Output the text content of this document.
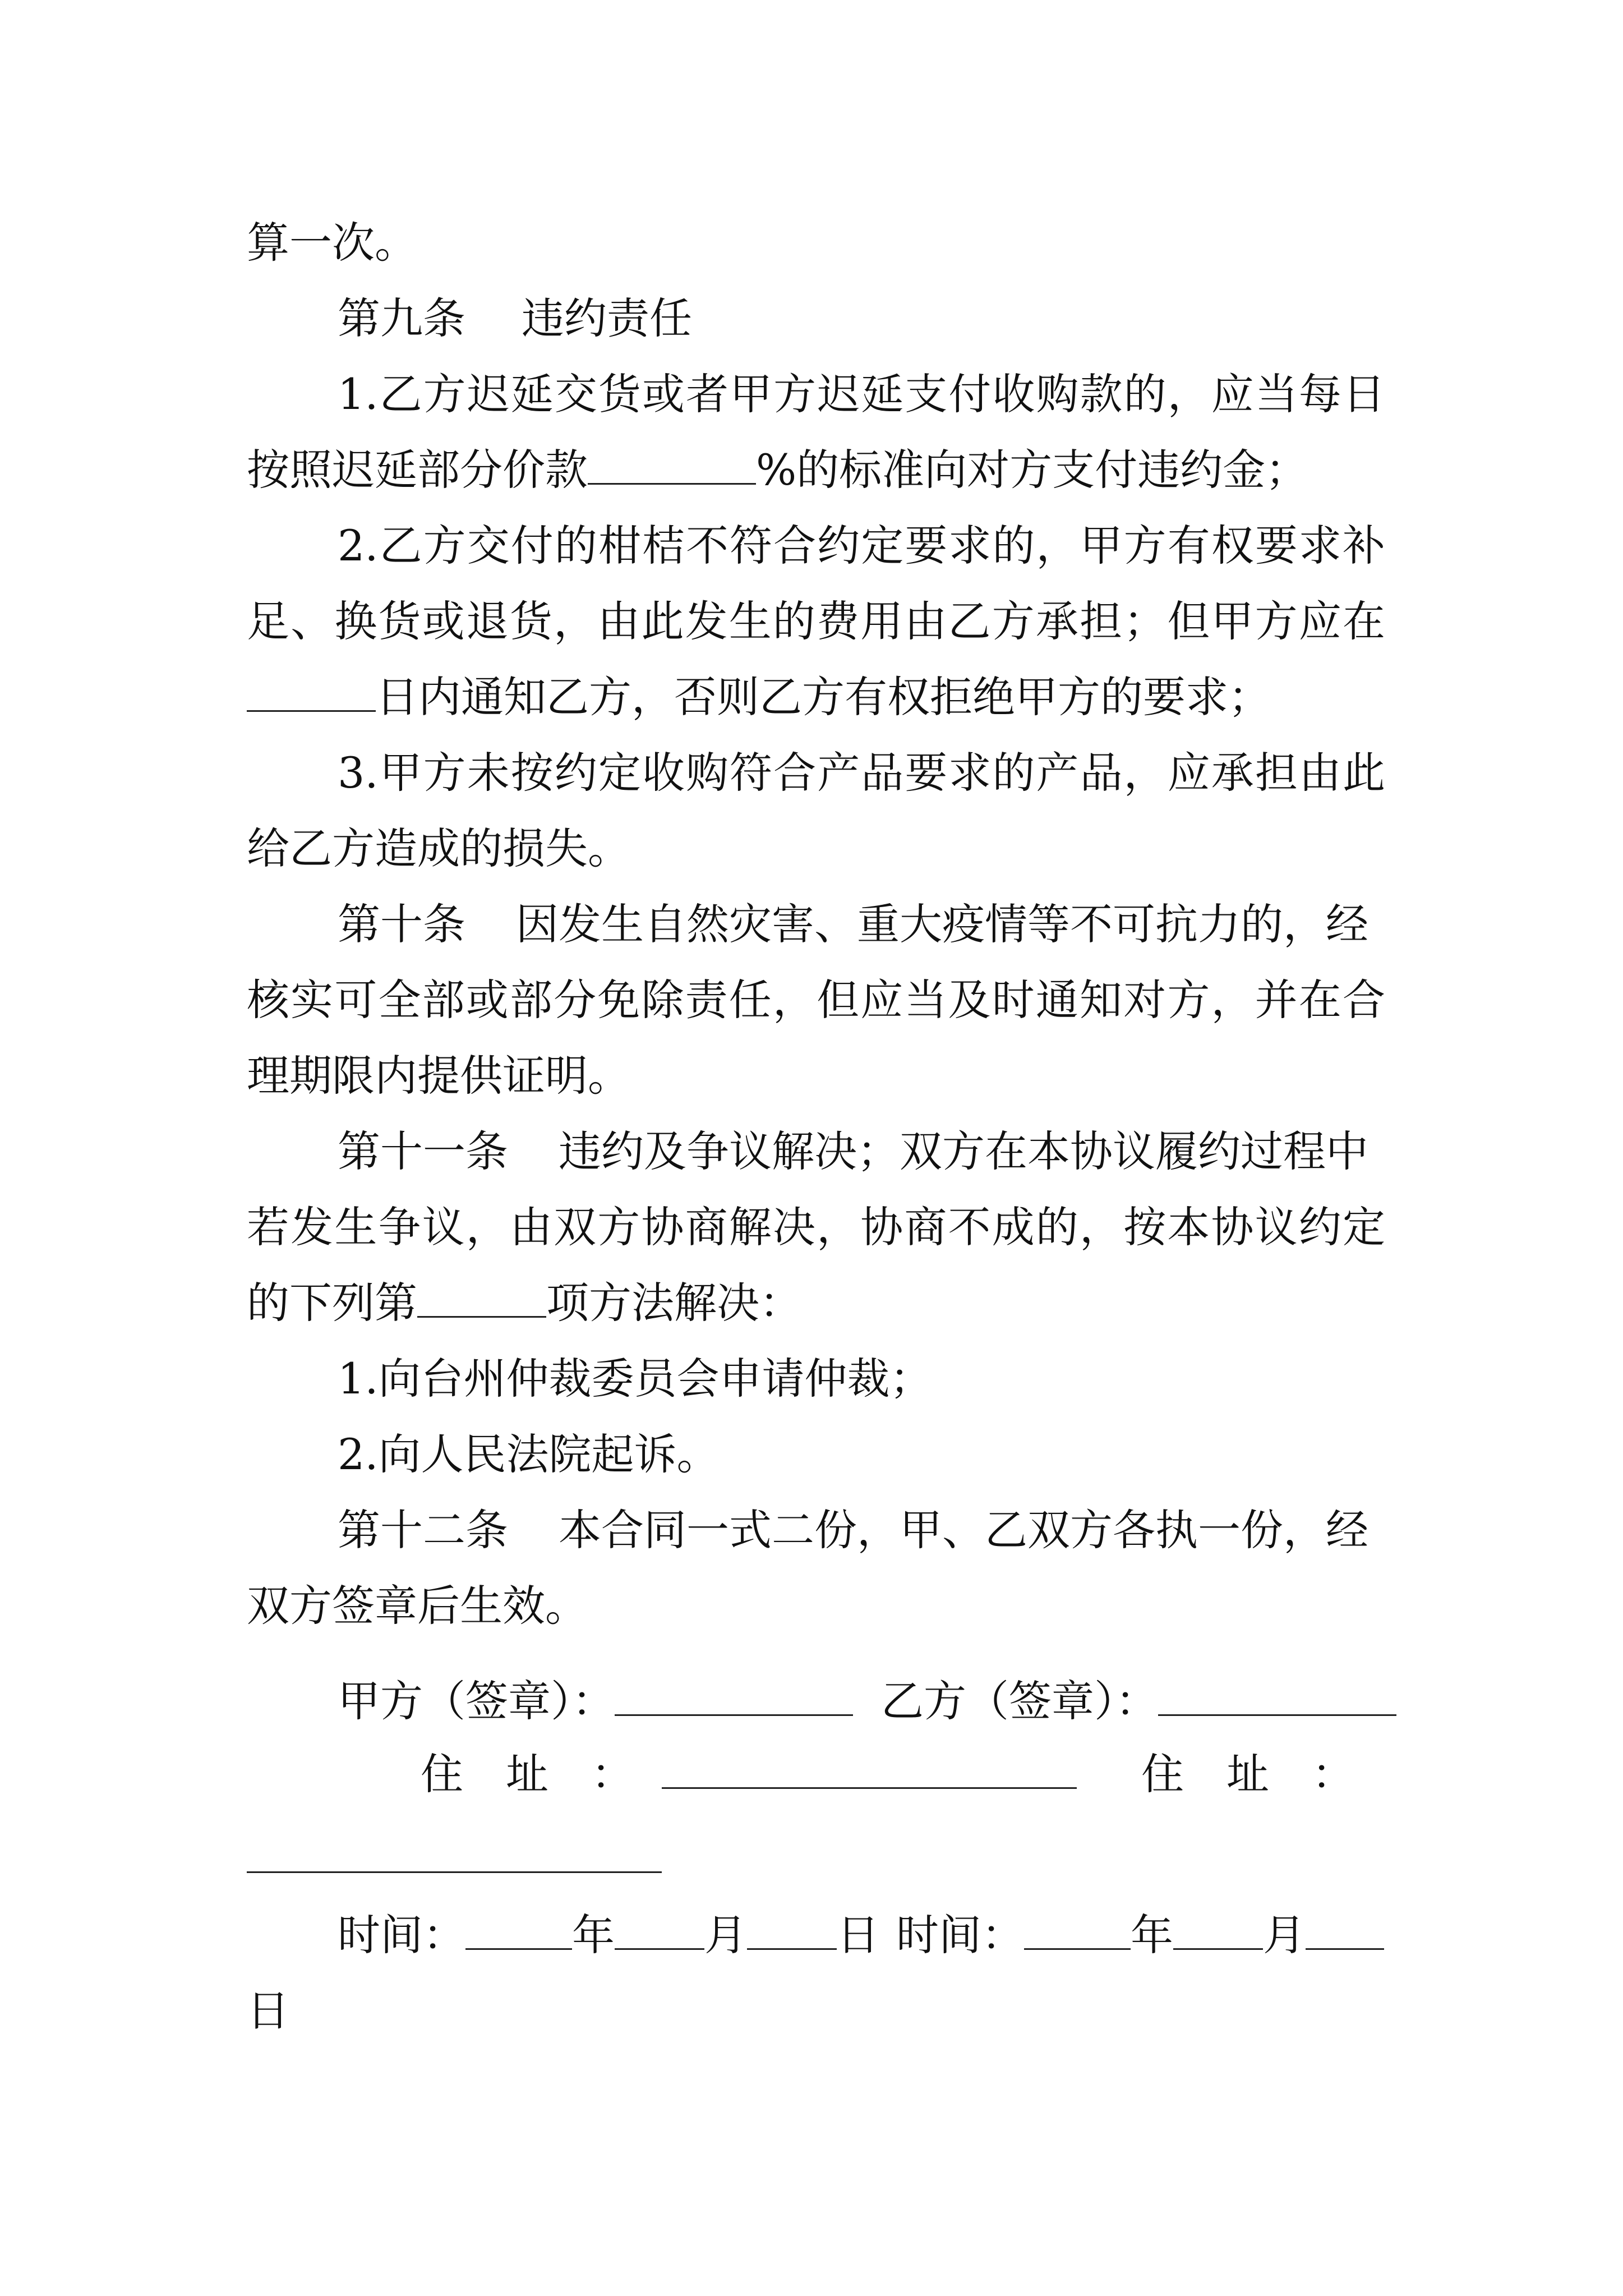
算一次。
第九条 违约责任
1.乙方迟延交货或者甲方迟延支付收购款的，应当每日
按照迟延部分价款	%的标准向对方支付违约金；
2.乙方交付的柑桔不符合约定要求的，甲方有权要求补
足、换货或退货，由此发生的费用由乙方承担；但甲方应在
日内通知乙方，否则乙方有权拒绝甲方的要求；
3.甲方未按约定收购符合产品要求的产品，应承担由此
给乙方造成的损失。
第十条 因发生自然灾害、重大疫情等不可抗力的，经
核实可全部或部分免除责任，但应当及时通知对方，并在合
理期限内提供证明。
第十一条 违约及争议解决；双方在本协议履约过程中
若发生争议，由双方协商解决，协商不成的，按本协议约定
的下列第	项方法解决：
1.向台州仲裁委员会申请仲裁；
2.向人民法院起诉。
第十二条 本合同一式二份，甲、乙双方各执一份，经
双方签章后生效。
甲方（签章）：	乙方（签章）：
住 址 ：	住 址 ：
时间：	年 月 日 时间：	年 月
日
